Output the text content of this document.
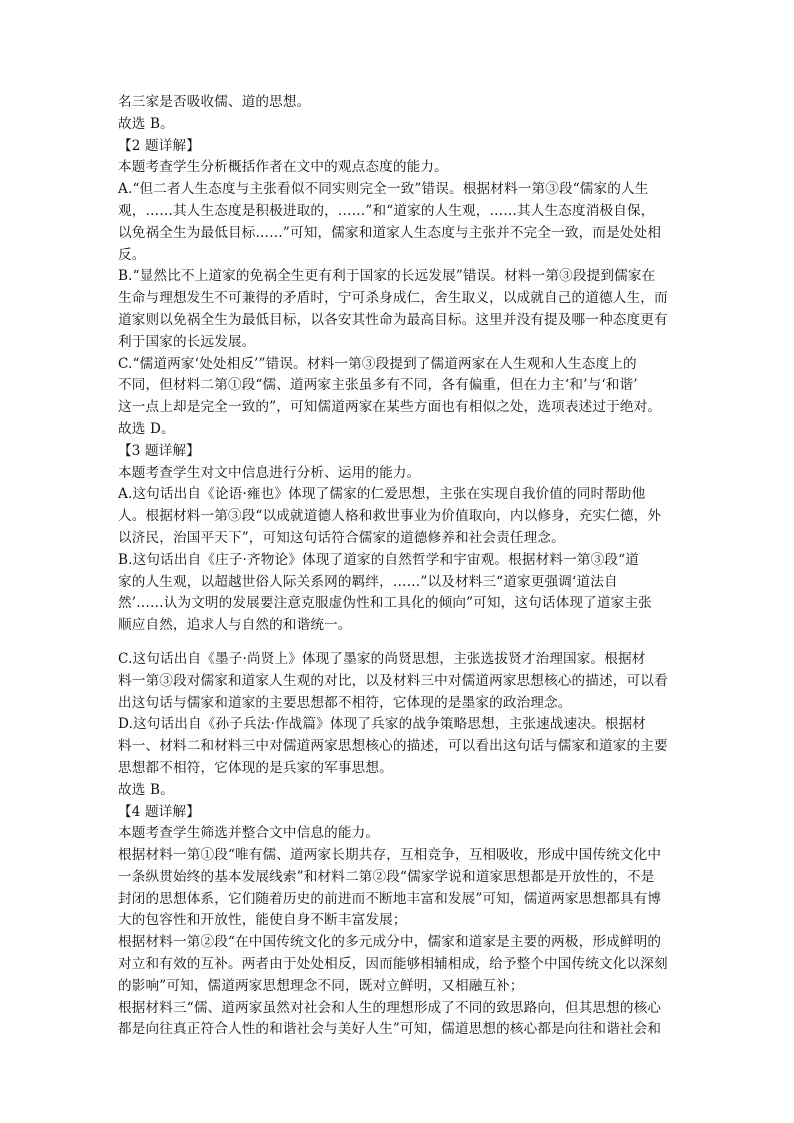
名三家是否吸收儒、道的思想。
故选 B。
【2 题详解】
本题考查学生分析概括作者在文中的观点态度的能力。
A.“但二者人生态度与主张看似不同实则完全一致”错误。根据材料一第③段“儒家的人生
观，……其人生态度是积极进取的，……”和“道家的人生观，……其人生态度消极自保，
以免祸全生为最低目标……”可知，儒家和道家人生态度与主张并不完全一致，而是处处相
反。
B.“显然比不上道家的免祸全生更有利于国家的长远发展”错误。材料一第③段提到儒家在
生命与理想发生不可兼得的矛盾时，宁可杀身成仁，舍生取义，以成就自己的道德人生，而
道家则以免祸全生为最低目标，以各安其性命为最高目标。这里并没有提及哪一种态度更有
利于国家的长远发展。
C.“儒道两家‘处处相反’”错误。材料一第③段提到了儒道两家在人生观和人生态度上的
不同，但材料二第①段“儒、道两家主张虽多有不同，各有偏重，但在力主‘和’与‘和谐’
这一点上却是完全一致的”，可知儒道两家在某些方面也有相似之处，选项表述过于绝对。
故选 D。
【3 题详解】
本题考查学生对文中信息进行分析、运用的能力。
A.这句话出自《论语·雍也》体现了儒家的仁爱思想，主张在实现自我价值的同时帮助他
人。根据材料一第③段“以成就道德人格和救世事业为价值取向，内以修身，充实仁德，外
以济民，治国平天下”，可知这句话符合儒家的道德修养和社会责任理念。
B.这句话出自《庄子·齐物论》体现了道家的自然哲学和宇宙观。根据材料一第③段“道
家的人生观，以超越世俗人际关系网的羁绊，……”以及材料三“道家更强调‘道法自
然’……认为文明的发展要注意克服虚伪性和工具化的倾向”可知，这句话体现了道家主张
顺应自然，追求人与自然的和谐统一。
C.这句话出自《墨子·尚贤上》体现了墨家的尚贤思想，主张选拔贤才治理国家。根据材
料一第③段对儒家和道家人生观的对比，以及材料三中对儒道两家思想核心的描述，可以看
出这句话与儒家和道家的主要思想都不相符，它体现的是墨家的政治理念。
D.这句话出自《孙子兵法·作战篇》体现了兵家的战争策略思想，主张速战速决。根据材
料一、材料二和材料三中对儒道两家思想核心的描述，可以看出这句话与儒家和道家的主要
思想都不相符，它体现的是兵家的军事思想。
故选 B。
【4 题详解】
本题考查学生筛选并整合文中信息的能力。
根据材料一第①段“唯有儒、道两家长期共存，互相竞争，互相吸收，形成中国传统文化中
一条纵贯始终的基本发展线索”和材料二第②段“儒家学说和道家思想都是开放性的，不是
封闭的思想体系，它们随着历史的前进而不断地丰富和发展”可知，儒道两家思想都具有博
大的包容性和开放性，能使自身不断丰富发展；
根据材料一第②段“在中国传统文化的多元成分中，儒家和道家是主要的两极，形成鲜明的
对立和有效的互补。两者由于处处相反，因而能够相辅相成，给予整个中国传统文化以深刻
的影响”可知，儒道两家思想理念不同，既对立鲜明，又相融互补；
根据材料三“儒、道两家虽然对社会和人生的理想形成了不同的致思路向，但其思想的核心
都是向往真正符合人性的和谐社会与美好人生”可知，儒道思想的核心都是向往和谐社会和
